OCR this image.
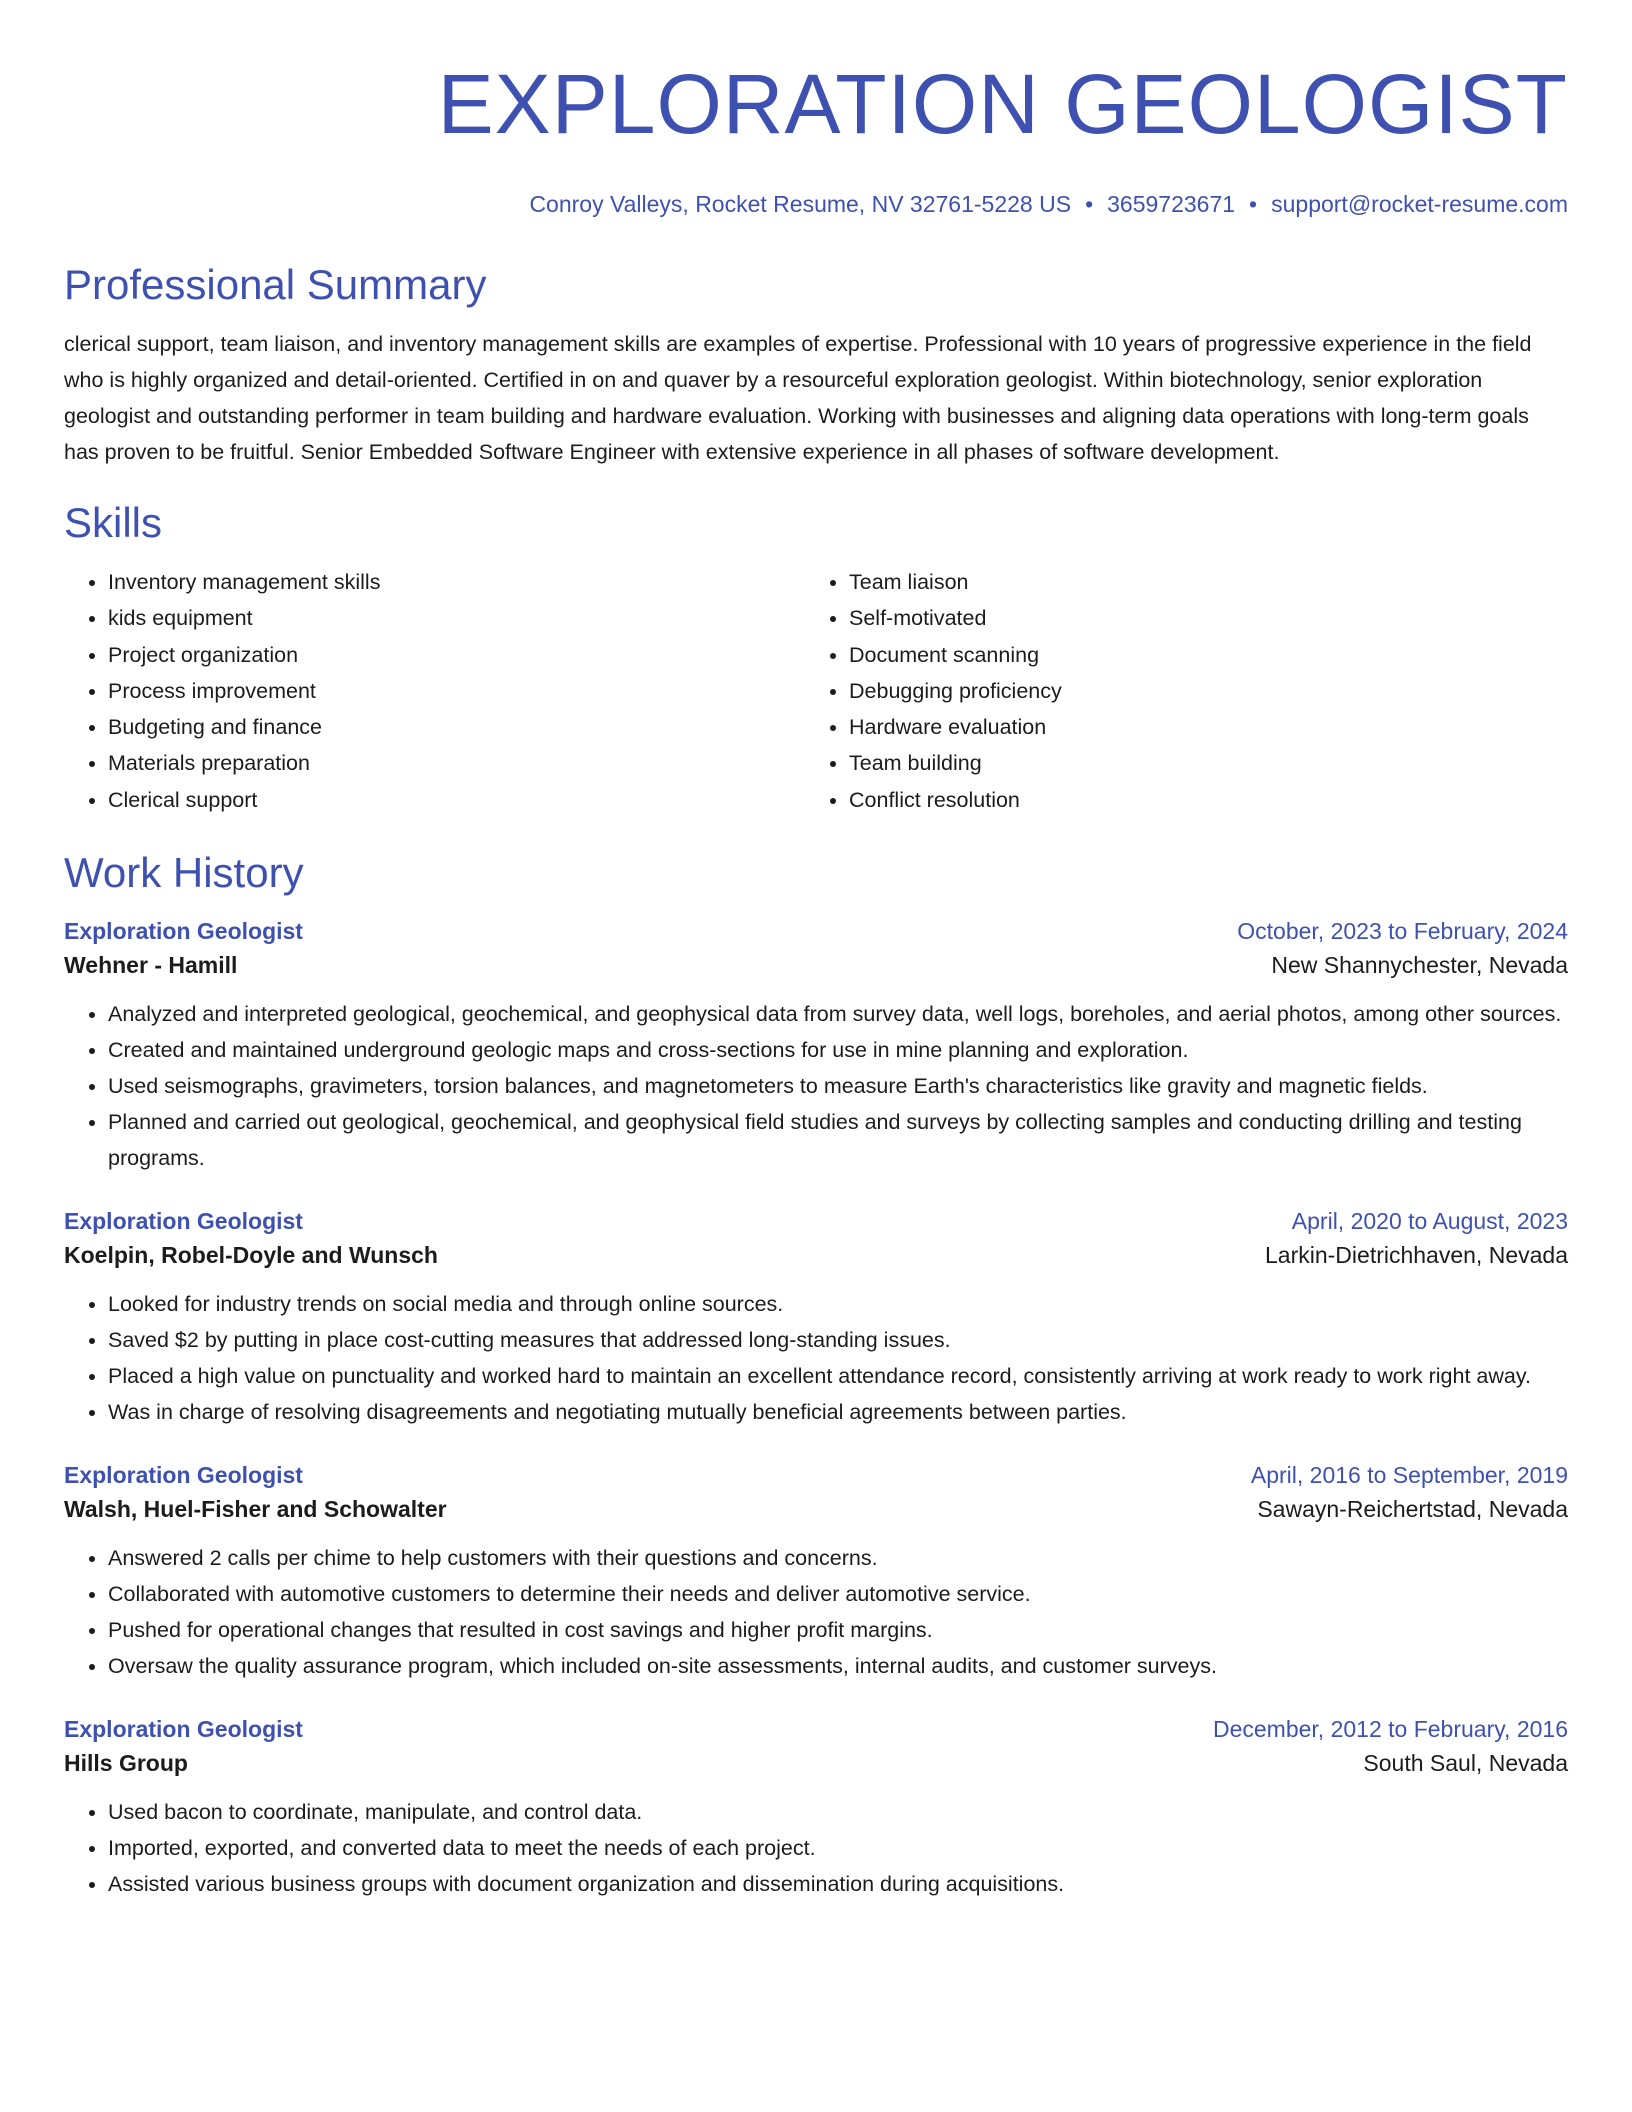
EXPLORATION GEOLOGIST
Conroy Valleys, Rocket Resume, NV 32761-5228 US • 3659723671 • support@rocket-resume.com
Professional Summary
clerical support, team liaison, and inventory management skills are examples of expertise. Professional with 10 years of progressive experience in the field who is highly organized and detail-oriented. Certified in on and quaver by a resourceful exploration geologist. Within biotechnology, senior exploration geologist and outstanding performer in team building and hardware evaluation. Working with businesses and aligning data operations with long-term goals has proven to be fruitful. Senior Embedded Software Engineer with extensive experience in all phases of software development.
Skills
• Inventory management skills
• kids equipment
• Project organization
• Process improvement
• Budgeting and finance
• Materials preparation
• Clerical support
• Team liaison
• Self-motivated
• Document scanning
• Debugging proficiency
• Hardware evaluation
• Team building
• Conflict resolution
Work History
Exploration Geologist	October, 2023 to February, 2024
Wehner - Hamill	New Shannychester, Nevada
• Analyzed and interpreted geological, geochemical, and geophysical data from survey data, well logs, boreholes, and aerial photos, among other sources.
• Created and maintained underground geologic maps and cross-sections for use in mine planning and exploration.
• Used seismographs, gravimeters, torsion balances, and magnetometers to measure Earth's characteristics like gravity and magnetic fields.
• Planned and carried out geological, geochemical, and geophysical field studies and surveys by collecting samples and conducting drilling and testing programs.
Exploration Geologist	April, 2020 to August, 2023
Koelpin, Robel-Doyle and Wunsch	Larkin-Dietrichhaven, Nevada
• Looked for industry trends on social media and through online sources.
• Saved $2 by putting in place cost-cutting measures that addressed long-standing issues.
• Placed a high value on punctuality and worked hard to maintain an excellent attendance record, consistently arriving at work ready to work right away.
• Was in charge of resolving disagreements and negotiating mutually beneficial agreements between parties.
Exploration Geologist	April, 2016 to September, 2019
Walsh, Huel-Fisher and Schowalter	Sawayn-Reichertstad, Nevada
• Answered 2 calls per chime to help customers with their questions and concerns.
• Collaborated with automotive customers to determine their needs and deliver automotive service.
• Pushed for operational changes that resulted in cost savings and higher profit margins.
• Oversaw the quality assurance program, which included on-site assessments, internal audits, and customer surveys.
Exploration Geologist	December, 2012 to February, 2016
Hills Group	South Saul, Nevada
• Used bacon to coordinate, manipulate, and control data.
• Imported, exported, and converted data to meet the needs of each project.
• Assisted various business groups with document organization and dissemination during acquisitions.
